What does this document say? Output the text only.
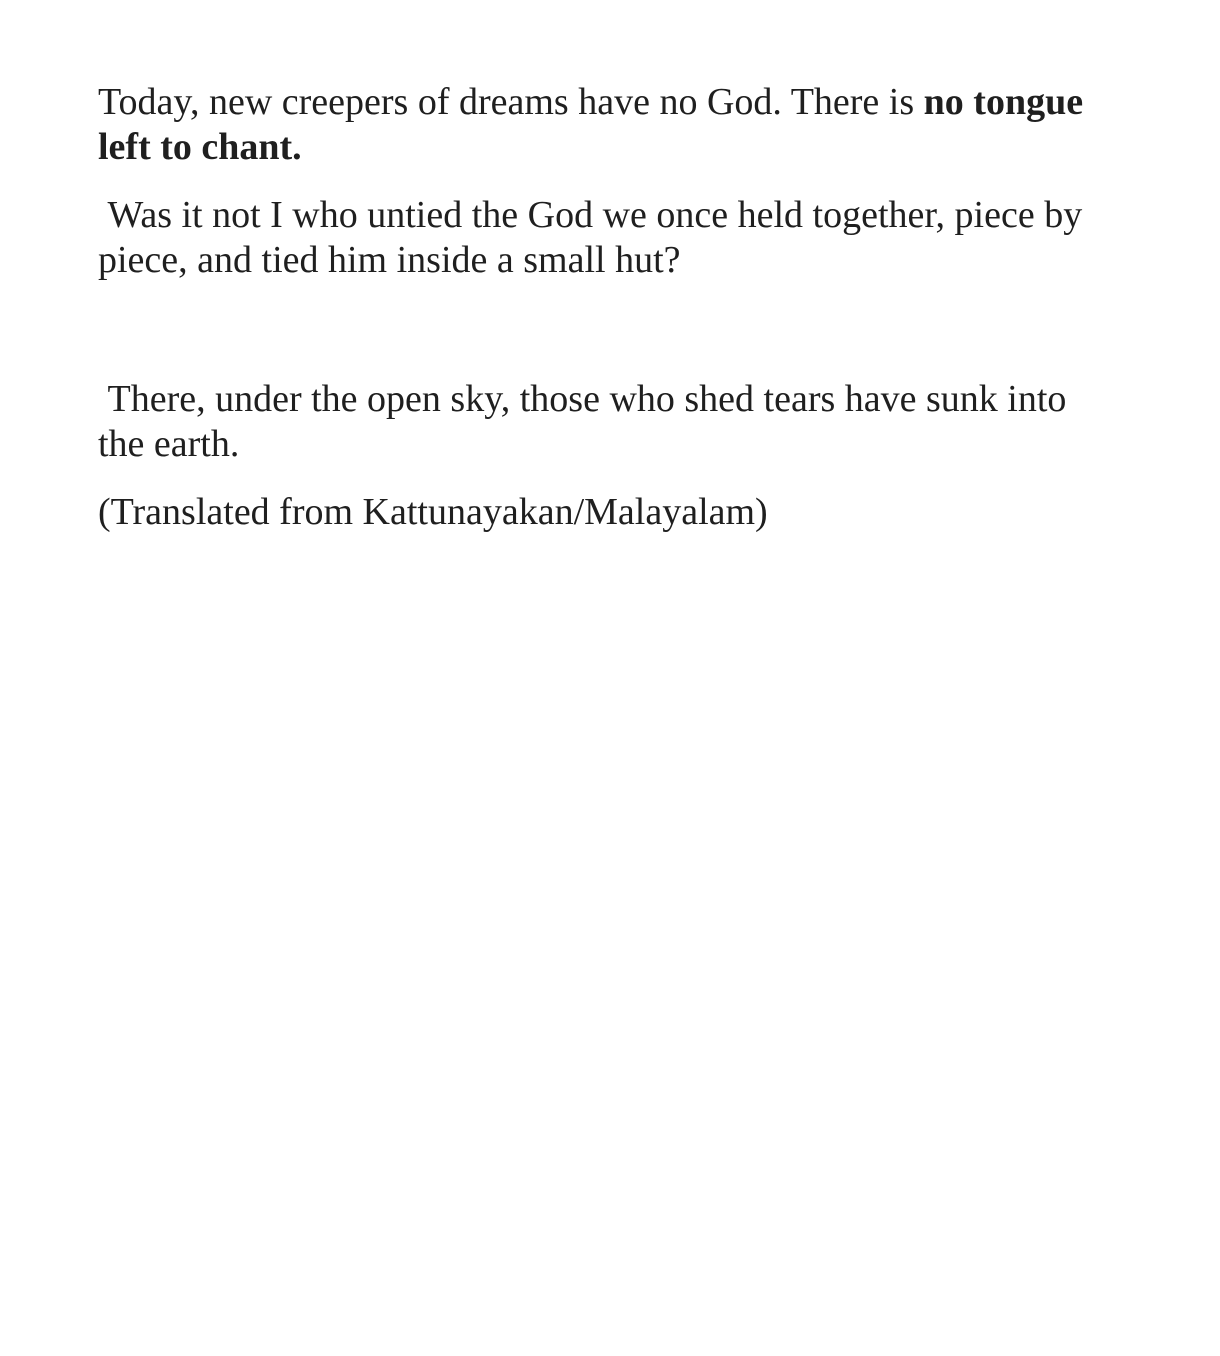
Today, new creepers of dreams have no God. There is no tongue left to chant.

Was it not I who untied the God we once held together, piece by piece, and tied him inside a small hut?

There, under the open sky, those who shed tears have sunk into the earth.

(Translated from Kattunayakan/Malayalam)
